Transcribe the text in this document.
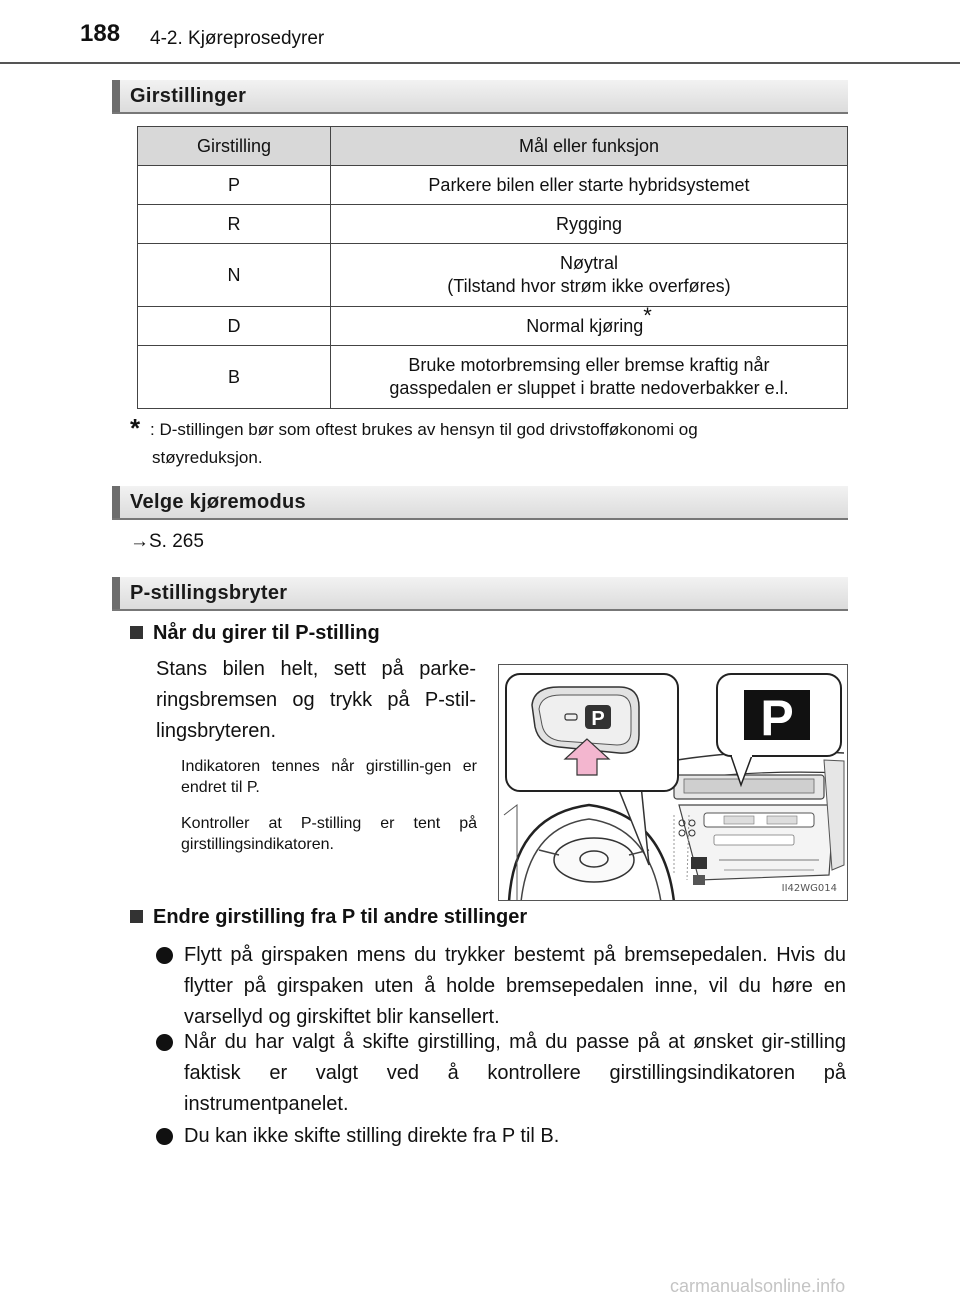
188 4-2. Kjøreprosedyrer
Girstillinger
Girstilling	Mål eller funksjon
P	Parkere bilen eller starte hybridsystemet
R	Rygging
N	Nøytral
(Tilstand hvor strøm ikke overføres)
D	Normal kjøring*
B	Bruke motorbremsing eller bremse kraftig når
gasspedalen er sluppet i bratte nedoverbakker e.l.
* : D-stillingen bør som oftest brukes av hensyn til god drivstofføkonomi og
støyreduksjon.
Velge kjøremodus
→S. 265
P-stillingsbryter
Når du girer til P-stilling
Stans bilen helt, sett på parke-ringsbremsen og trykk på P-stil-lingsbryteren.
Indikatoren tennes når girstillin-gen er endret til P.
Kontroller at P-stilling er tent på girstillingsindikatoren.
P	P
II42WG014
Endre girstilling fra P til andre stillinger
Flytt på girspaken mens du trykker bestemt på bremsepedalen. Hvis du flytter på girspaken uten å holde bremsepedalen inne, vil du høre en varsellyd og girskiftet blir kansellert.
Når du har valgt å skifte girstilling, må du passe på at ønsket gir-stilling faktisk er valgt ved å kontrollere girstillingsindikatoren på instrumentpanelet.
Du kan ikke skifte stilling direkte fra P til B.
carmanualsonline.info
